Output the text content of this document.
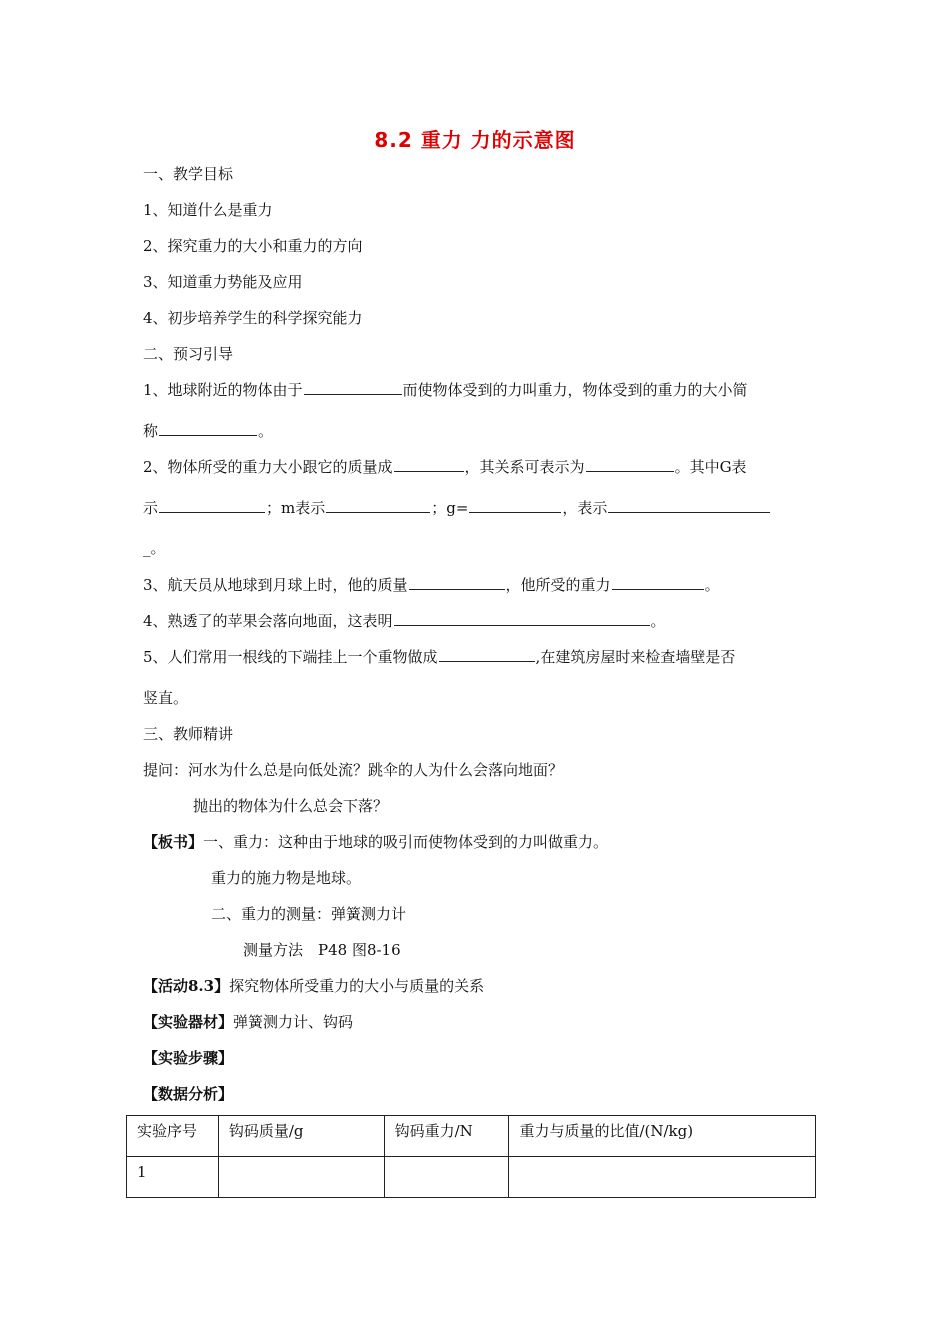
8.2 重力 力的示意图
一、教学目标
1、知道什么是重力
2、探究重力的大小和重力的方向
3、知道重力势能及应用
4、初步培养学生的科学探究能力
二、预习引导
1、地球附近的物体由于	而使物体受到的力叫重力，物体受到的重力的大小简
称	。
2、物体所受的重力大小跟它的质量成	，其关系可表示为	。其中G表
示	；m表示	；g=	，表示
_。
3、航天员从地球到月球上时，他的质量	，他所受的重力	。
4、熟透了的苹果会落向地面，这表明	。
5、人们常用一根线的下端挂上一个重物做成	,在建筑房屋时来检查墙壁是否
竖直。
三、教师精讲
提问：河水为什么总是向低处流？跳伞的人为什么会落向地面？
抛出的物体为什么总会下落？
【板书】一、重力：这种由于地球的吸引而使物体受到的力叫做重力。
重力的施力物是地球。
二、重力的测量：弹簧测力计
测量方法　P48 图8-16
【活动8.3】探究物体所受重力的大小与质量的关系
【实验器材】弹簧测力计、钩码
【实验步骤】
【数据分析】
实验序号	钩码质量/g	钩码重力/N	重力与质量的比值/(N/kg)
1			
